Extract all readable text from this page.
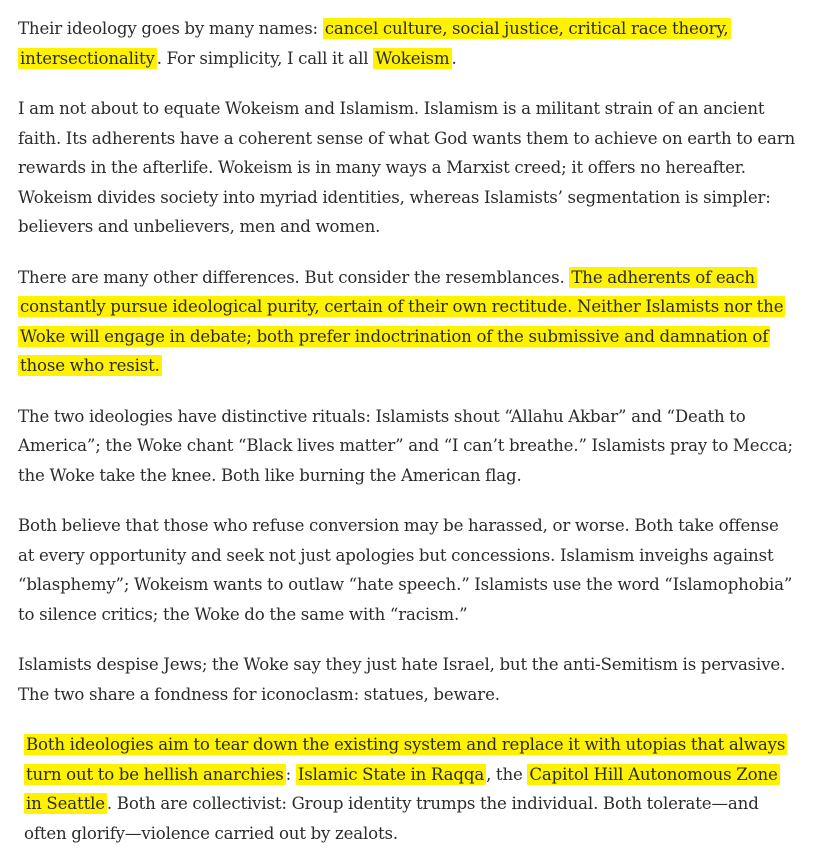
Their ideology goes by many names: cancel culture, social justice, critical race theory, intersectionality . For simplicity, I call it all Wokeism .

I am not about to equate Wokeism and Islamism. Islamism is a militant strain of an ancient faith. Its adherents have a coherent sense of what God wants them to achieve on earth to earn rewards in the afterlife. Wokeism is in many ways a Marxist creed; it offers no hereafter. Wokeism divides society into myriad identities, whereas Islamists’ segmentation is simpler: believers and unbelievers, men and women.

There are many other differences. But consider the resemblances. The adherents of each constantly pursue ideological purity, certain of their own rectitude. Neither Islamists nor the Woke will engage in debate; both prefer indoctrination of the submissive and damnation of those who resist.

The two ideologies have distinctive rituals: Islamists shout “Allahu Akbar” and “Death to America”; the Woke chant “Black lives matter” and “I can’t breathe.” Islamists pray to Mecca; the Woke take the knee. Both like burning the American flag.

Both believe that those who refuse conversion may be harassed, or worse. Both take offense at every opportunity and seek not just apologies but concessions. Islamism inveighs against “blasphemy”; Wokeism wants to outlaw “hate speech.” Islamists use the word “Islamophobia” to silence critics; the Woke do the same with “racism.”

Islamists despise Jews; the Woke say they just hate Israel, but the anti-Semitism is pervasive. The two share a fondness for iconoclasm: statues, beware.

Both ideologies aim to tear down the existing system and replace it with utopias that always turn out to be hellish anarchies : Islamic State in Raqqa , the Capitol Hill Autonomous Zone in Seattle . Both are collectivist: Group identity trumps the individual. Both tolerate—and often glorify—violence carried out by zealots.
